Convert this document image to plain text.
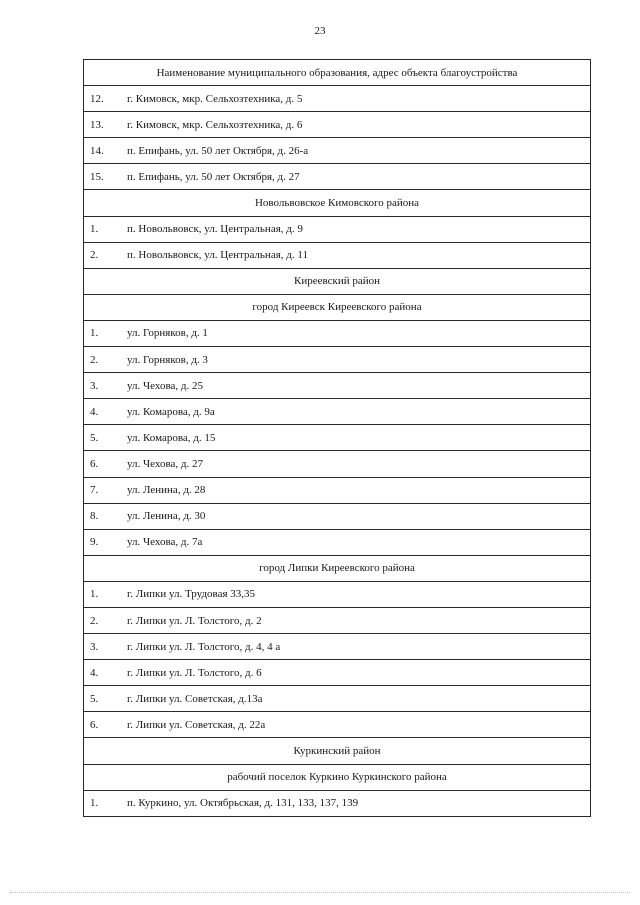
23
Наименование муниципального образования, адрес объекта благоустройства
12. г. Кимовск, мкр. Сельхозтехника, д. 5
13. г. Кимовск, мкр. Сельхозтехника, д. 6
14. п. Епифань, ул. 50 лет Октября, д. 26-а
15. п. Епифань, ул. 50 лет Октября, д. 27
Новольвовское Кимовского района
1.	п. Новольвовск, ул. Центральная, д. 9
2.	п. Новольвовск, ул. Центральная, д. 11
Киреевский район
город Киреевск Киреевского района
1.	ул. Горняков, д. 1
2.	ул. Горняков, д. 3
3.	ул. Чехова, д. 25
4.	ул. Комарова, д. 9а
5.	ул. Комарова, д. 15
6.	ул. Чехова, д. 27
7.	ул. Ленина, д. 28
8.	ул. Ленина, д. 30
9.	ул. Чехова, д. 7а
город Липки Киреевского района
1.	г. Липки ул. Трудовая 33,35
2.	г. Липки ул. Л. Толстого, д. 2
3.	г. Липки ул. Л. Толстого, д. 4, 4 а
4.	г. Липки ул. Л. Толстого, д. 6
5.	г. Липки ул. Советская, д.13а
6.	г. Липки ул. Советская, д. 22а
Куркинский район
рабочий поселок Куркино Куркинского района
1.	п. Куркино, ул. Октябрьская, д. 131, 133, 137, 139
